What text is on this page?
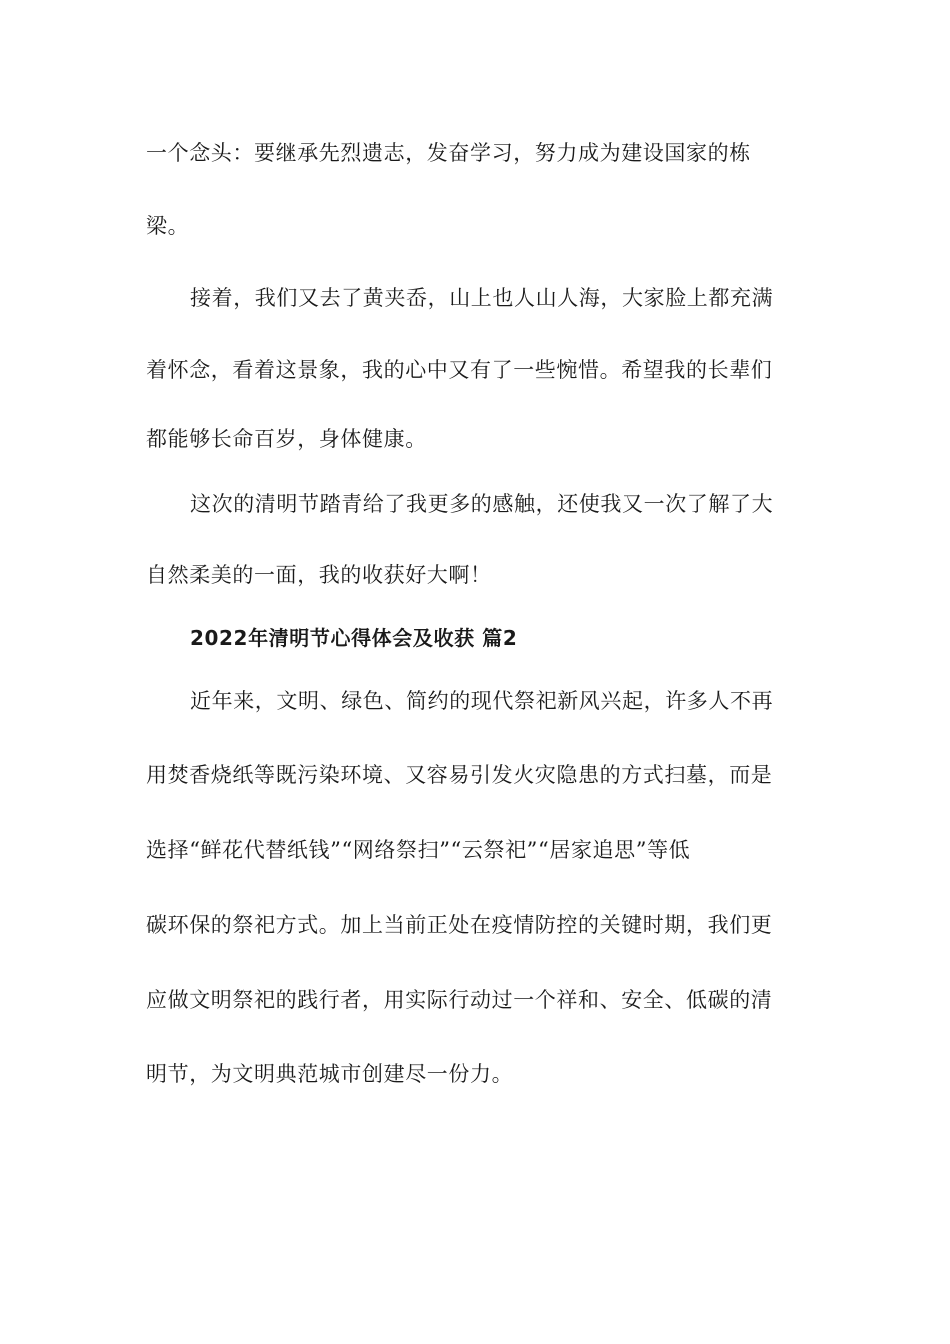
一个念头：要继承先烈遗志，发奋学习，努力成为建设国家的栋
梁。
接着，我们又去了黄夹岙，山上也人山人海，大家脸上都充满
着怀念，看着这景象，我的心中又有了一些惋惜。希望我的长辈们
都能够长命百岁，身体健康。
这次的清明节踏青给了我更多的感触，还使我又一次了解了大
自然柔美的一面，我的收获好大啊！
2022年清明节心得体会及收获 篇2
近年来，文明、绿色、简约的现代祭祀新风兴起，许多人不再
用焚香烧纸等既污染环境、又容易引发火灾隐患的方式扫墓，而是
选择“鲜花代替纸钱”“网络祭扫”“云祭祀”“居家追思”等低
碳环保的祭祀方式。加上当前正处在疫情防控的关键时期，我们更
应做文明祭祀的践行者，用实际行动过一个祥和、安全、低碳的清
明节，为文明典范城市创建尽一份力。
